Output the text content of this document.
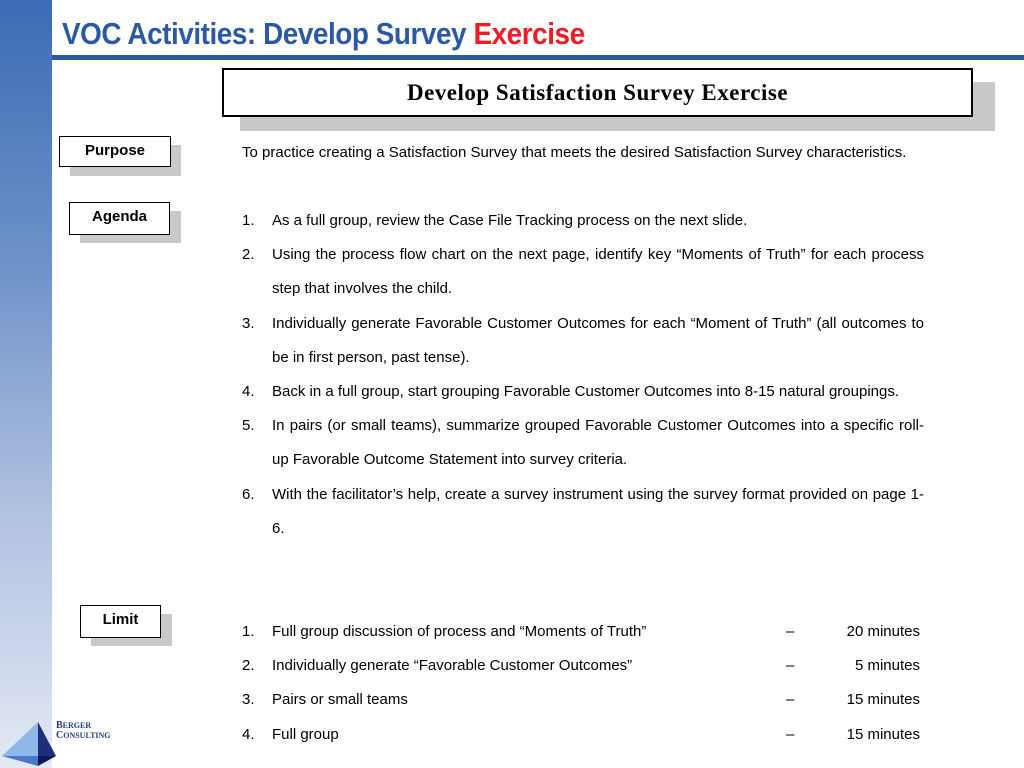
VOC Activities: Develop Survey Exercise
Develop Satisfaction Survey Exercise
Purpose
Agenda
Limit
To practice creating a Satisfaction Survey that meets the desired Satisfaction Survey characteristics.
1.	As a full group, review the Case File Tracking process on the next slide.
2.	Using the process flow chart on the next page, identify key “Moments of Truth” for each process step that involves the child.
3.	Individually generate Favorable Customer Outcomes for each “Moment of Truth” (all outcomes to be in first person, past tense).
4.	Back in a full group, start grouping Favorable Customer Outcomes into 8-15 natural groupings.
5.	In pairs (or small teams), summarize grouped Favorable Customer Outcomes into a specific roll-up Favorable Outcome Statement into survey criteria.
6.	With the facilitator’s help, create a survey instrument using the survey format provided on page 1-6.
1.	Full group discussion of process and “Moments of Truth”	–	20 minutes
2.	Individually generate “Favorable Customer Outcomes”	–	5 minutes
3.	Pairs or small teams	–	15 minutes
4.	Full group	–	15 minutes
BERGER
CONSULTING
